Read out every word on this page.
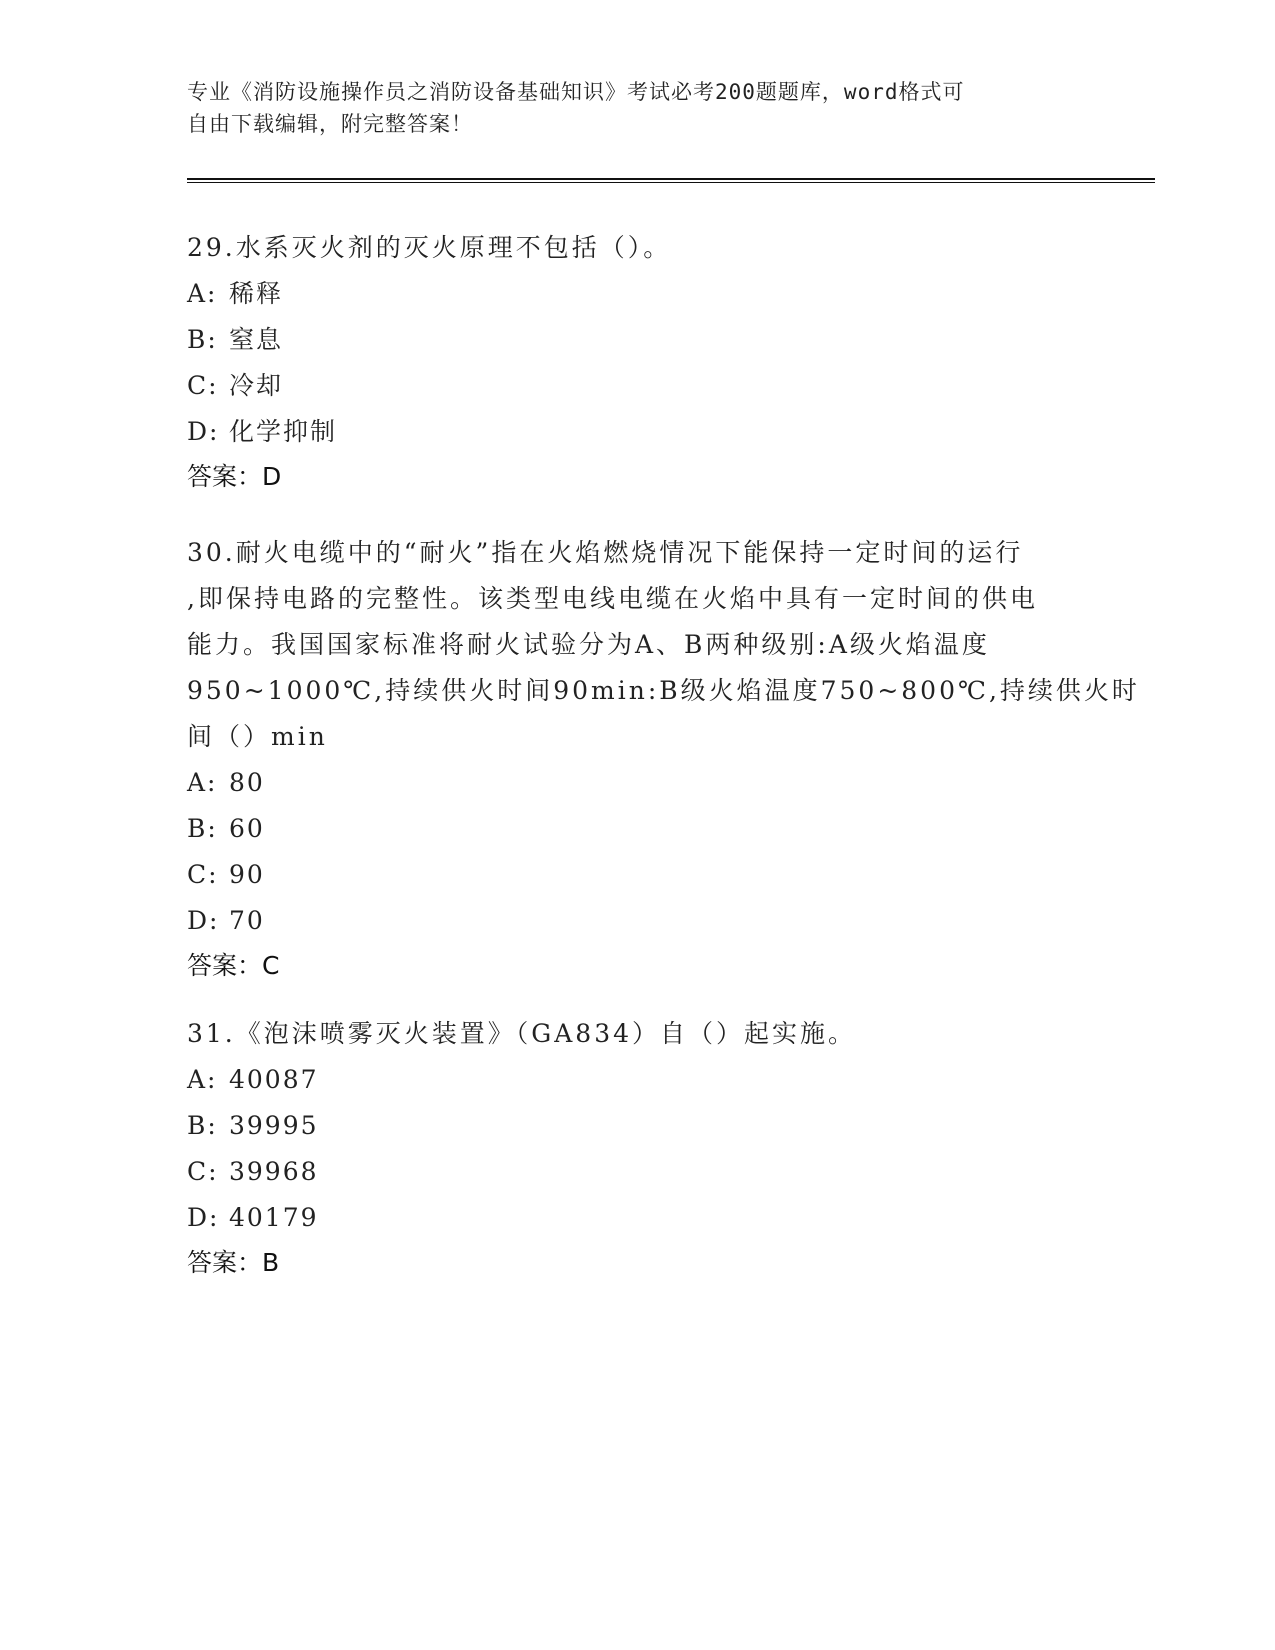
专业《消防设施操作员之消防设备基础知识》考试必考200题题库，word格式可
自由下载编辑，附完整答案！
29.水系灭火剂的灭火原理不包括（）。
A: 稀释
B: 窒息
C: 冷却
D: 化学抑制
答案：D
30.耐火电缆中的“耐火”指在火焰燃烧情况下能保持一定时间的运行
,即保持电路的完整性。该类型电线电缆在火焰中具有一定时间的供电
能力。我国国家标准将耐火试验分为A、B两种级别:A级火焰温度
950~1000℃,持续供火时间90min:B级火焰温度750~800℃,持续供火时
间（）min
A: 80
B: 60
C: 90
D: 70
答案：C
31.《泡沫喷雾灭火装置》（GA834）自（）起实施。
A: 40087
B: 39995
C: 39968
D: 40179
答案：B
